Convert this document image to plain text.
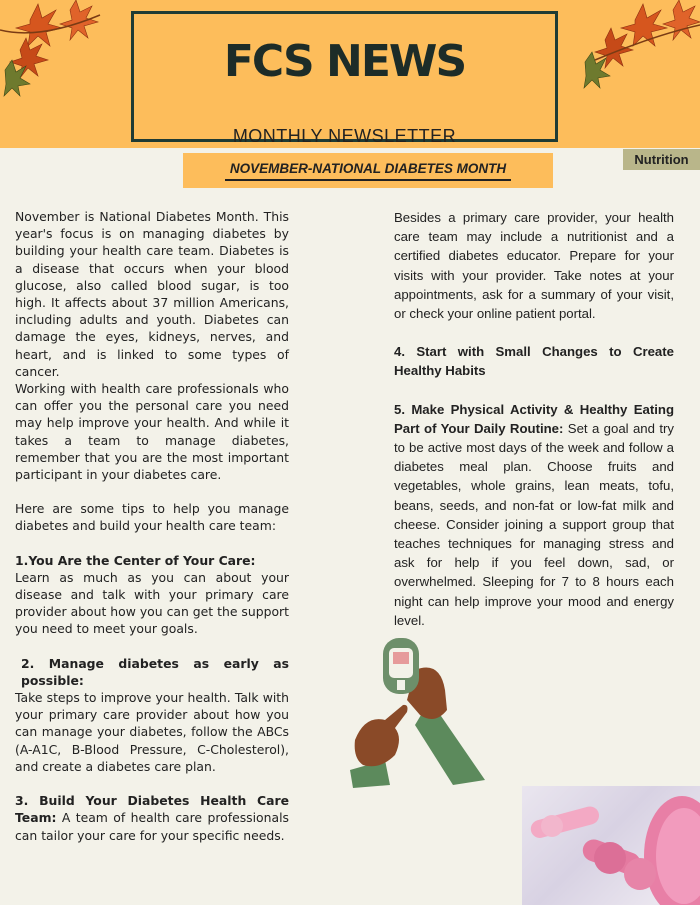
FCS NEWS
MONTHLY NEWSLETTER
NOVEMBER-NATIONAL DIABETES MONTH
Nutrition

November is National Diabetes Month. This year's focus is on managing diabetes by building your health care team. Diabetes is a disease that occurs when your blood glucose, also called blood sugar, is too high. It affects about 37 million Americans, including adults and youth. Diabetes can damage the eyes, kidneys, nerves, and heart, and is linked to some types of cancer.

Working with health care professionals who can offer you the personal care you need may help improve your health. And while it takes a team to manage diabetes, remember that you are the most important participant in your diabetes care.

Here are some tips to help you manage diabetes and build your health care team:

1.You Are the Center of Your Care:

Learn as much as you can about your disease and talk with your primary care provider about how you can get the support you need to meet your goals.

2. Manage diabetes as early as possible:

Take steps to improve your health. Talk with your primary care provider about how you can manage your diabetes, follow the ABCs (A-A1C, B-Blood Pressure, C-Cholesterol), and create a diabetes care plan.

3. Build Your Diabetes Health Care Team: A team of health care professionals can tailor your care for your specific needs.

Besides a primary care provider, your health care team may include a nutritionist and a certified diabetes educator. Prepare for your visits with your provider. Take notes at your appointments, ask for a summary of your visit, or check your online patient portal.

4. Start with Small Changes to Create Healthy Habits

5. Make Physical Activity & Healthy Eating Part of Your Daily Routine: Set a goal and try to be active most days of the week and follow a diabetes meal plan. Choose fruits and vegetables, whole grains, lean meats, tofu, beans, seeds, and non-fat or low-fat milk and cheese. Consider joining a support group that teaches techniques for managing stress and ask for help if you feel down, sad, or overwhelmed. Sleeping for 7 to 8 hours each night can help improve your mood and energy level.
